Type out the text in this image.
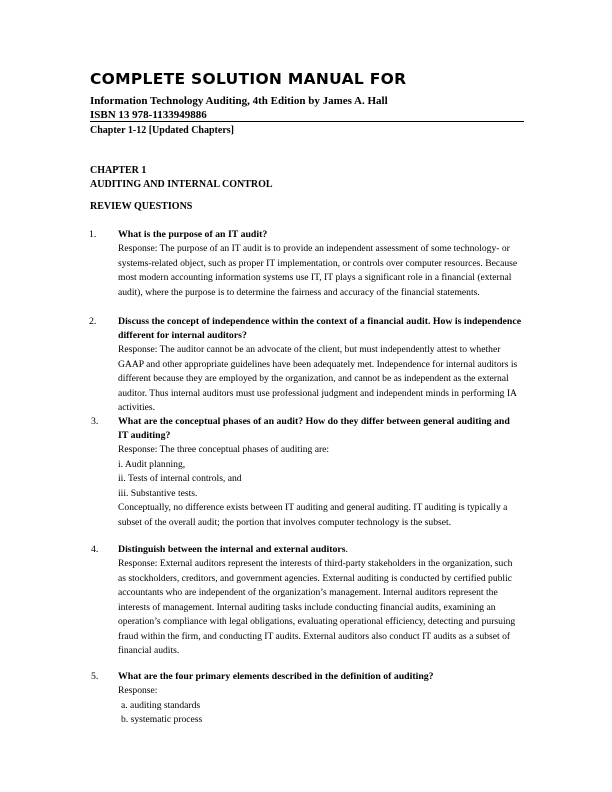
COMPLETE SOLUTION MANUAL FOR
Information Technology Auditing, 4th Edition by James A. Hall
ISBN 13 978-1133949886
Chapter 1-12 [Updated Chapters]
CHAPTER 1
AUDITING AND INTERNAL CONTROL
REVIEW QUESTIONS
1.	What is the purpose of an IT audit?
Response: The purpose of an IT audit is to provide an independent assessment of some technology- or systems-related object, such as proper IT implementation, or controls over computer resources. Because most modern accounting information systems use IT, IT plays a significant role in a financial (external audit), where the purpose is to determine the fairness and accuracy of the financial statements.
2.	Discuss the concept of independence within the context of a financial audit. How is independence different for internal auditors?
Response: The auditor cannot be an advocate of the client, but must independently attest to whether GAAP and other appropriate guidelines have been adequately met. Independence for internal auditors is different because they are employed by the organization, and cannot be as independent as the external auditor. Thus internal auditors must use professional judgment and independent minds in performing IA activities.
3.	What are the conceptual phases of an audit? How do they differ between general auditing and IT auditing?
Response: The three conceptual phases of auditing are:
i. Audit planning,
ii. Tests of internal controls, and
iii. Substantive tests.
Conceptually, no difference exists between IT auditing and general auditing. IT auditing is typically a subset of the overall audit; the portion that involves computer technology is the subset.
4.	Distinguish between the internal and external auditors.
Response: External auditors represent the interests of third-party stakeholders in the organization, such as stockholders, creditors, and government agencies. External auditing is conducted by certified public accountants who are independent of the organization’s management. Internal auditors represent the interests of management. Internal auditing tasks include conducting financial audits, examining an operation’s compliance with legal obligations, evaluating operational efficiency, detecting and pursuing fraud within the firm, and conducting IT audits. External auditors also conduct IT audits as a subset of financial audits.
5.	What are the four primary elements described in the definition of auditing?
Response:
a. auditing standards
b. systematic process
